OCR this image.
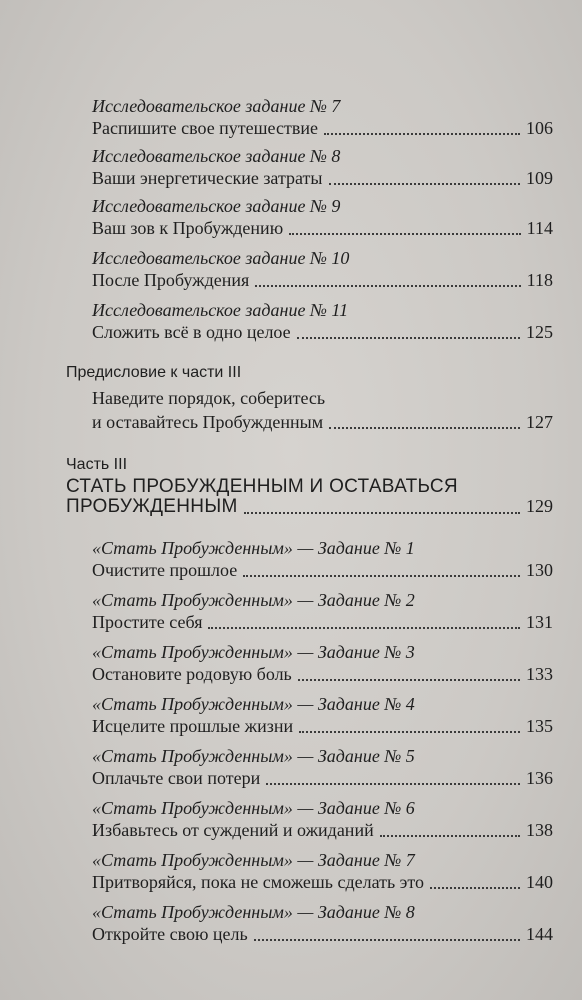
Исследовательское задание № 7
Распишите свое путешествие	106
Исследовательское задание № 8
Ваши энергетические затраты	109
Исследовательское задание № 9
Ваш зов к Пробуждению	114
Исследовательское задание № 10
После Пробуждения	118
Исследовательское задание № 11
Сложить всё в одно целое	125
Предисловие к части III
Наведите порядок, соберитесь
и оставайтесь Пробужденным	127
Часть III
СТАТЬ ПРОБУЖДЕННЫМ И ОСТАВАТЬСЯ
ПРОБУЖДЕННЫМ	129
«Стать Пробужденным» — Задание № 1
Очистите прошлое	130
«Стать Пробужденным» — Задание № 2
Простите себя	131
«Стать Пробужденным» — Задание № 3
Остановите родовую боль	133
«Стать Пробужденным» — Задание № 4
Исцелите прошлые жизни	135
«Стать Пробужденным» — Задание № 5
Оплачьте свои потери	136
«Стать Пробужденным» — Задание № 6
Избавьтесь от суждений и ожиданий	138
«Стать Пробужденным» — Задание № 7
Притворяйся, пока не сможешь сделать это	140
«Стать Пробужденным» — Задание № 8
Откройте свою цель	144
